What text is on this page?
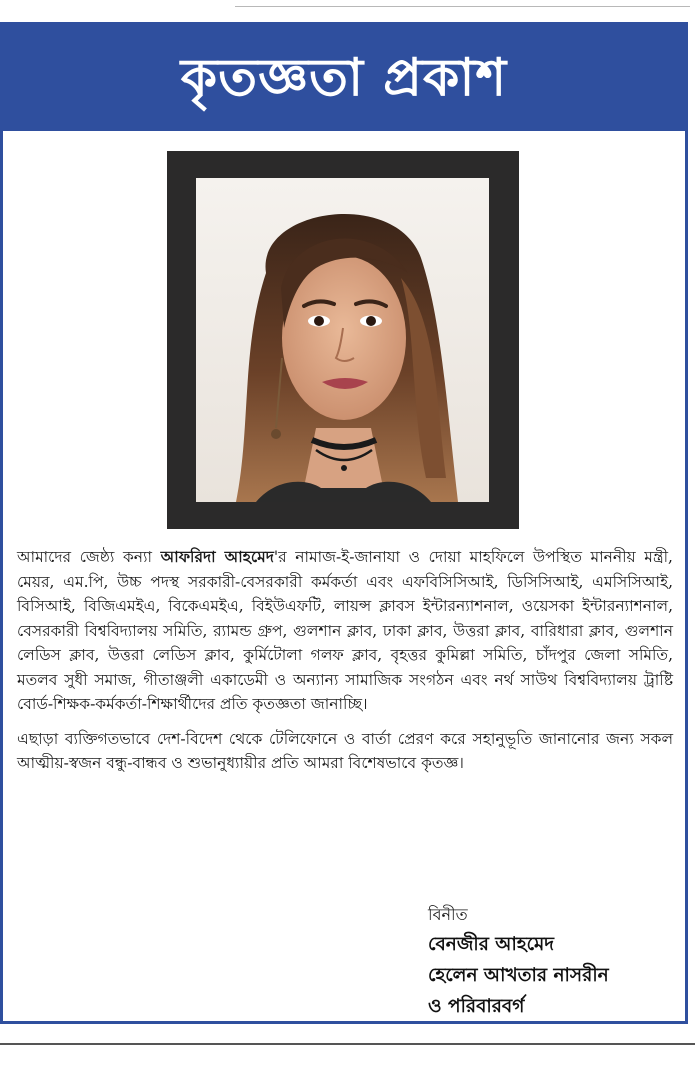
কৃতজ্ঞতা প্রকাশ

আমাদের জেষ্ঠ্য কন্যা আফরিদা আহমেদ'র নামাজ-ই-জানাযা ও দোয়া মাহফিলে উপস্থিত মাননীয় মন্ত্রী, মেয়র, এম.পি, উচ্চ পদস্থ সরকারী-বেসরকারী কর্মকর্তা এবং এফবিসিসিআই, ডিসিসিআই, এমসিসিআই, বিসিআই, বিজিএমইএ, বিকেএমইএ, বিইউএফটি, লায়ন্স ক্লাবস ইন্টারন্যাশনাল, ওয়েসকা ইন্টারন্যাশনাল, বেসরকারী বিশ্ববিদ্যালয় সমিতি, র‍্যামন্ড গ্রুপ, গুলশান ক্লাব, ঢাকা ক্লাব, উত্তরা ক্লাব, বারিধারা ক্লাব, গুলশান লেডিস ক্লাব, উত্তরা লেডিস ক্লাব, কুর্মিটোলা গলফ ক্লাব, বৃহত্তর কুমিল্লা সমিতি, চাঁদপুর জেলা সমিতি, মতলব সুধী সমাজ, গীতাঞ্জলী একাডেমী ও অন্যান্য সামাজিক সংগঠন এবং নর্থ সাউথ বিশ্ববিদ্যালয় ট্রাষ্টি বোর্ড-শিক্ষক-কর্মকর্তা-শিক্ষার্থীদের প্রতি কৃতজ্ঞতা জানাচ্ছি।

এছাড়া ব্যক্তিগতভাবে দেশ-বিদেশ থেকে টেলিফোনে ও বার্তা প্রেরণ করে সহানুভূতি জানানোর জন্য সকল আত্মীয়-স্বজন বন্ধু-বান্ধব ও শুভানুধ্যায়ীর প্রতি আমরা বিশেষভাবে কৃতজ্ঞ।

বিনীত

বেনজীর আহমেদ

হেলেন আখতার নাসরীন

ও পরিবারবর্গ
